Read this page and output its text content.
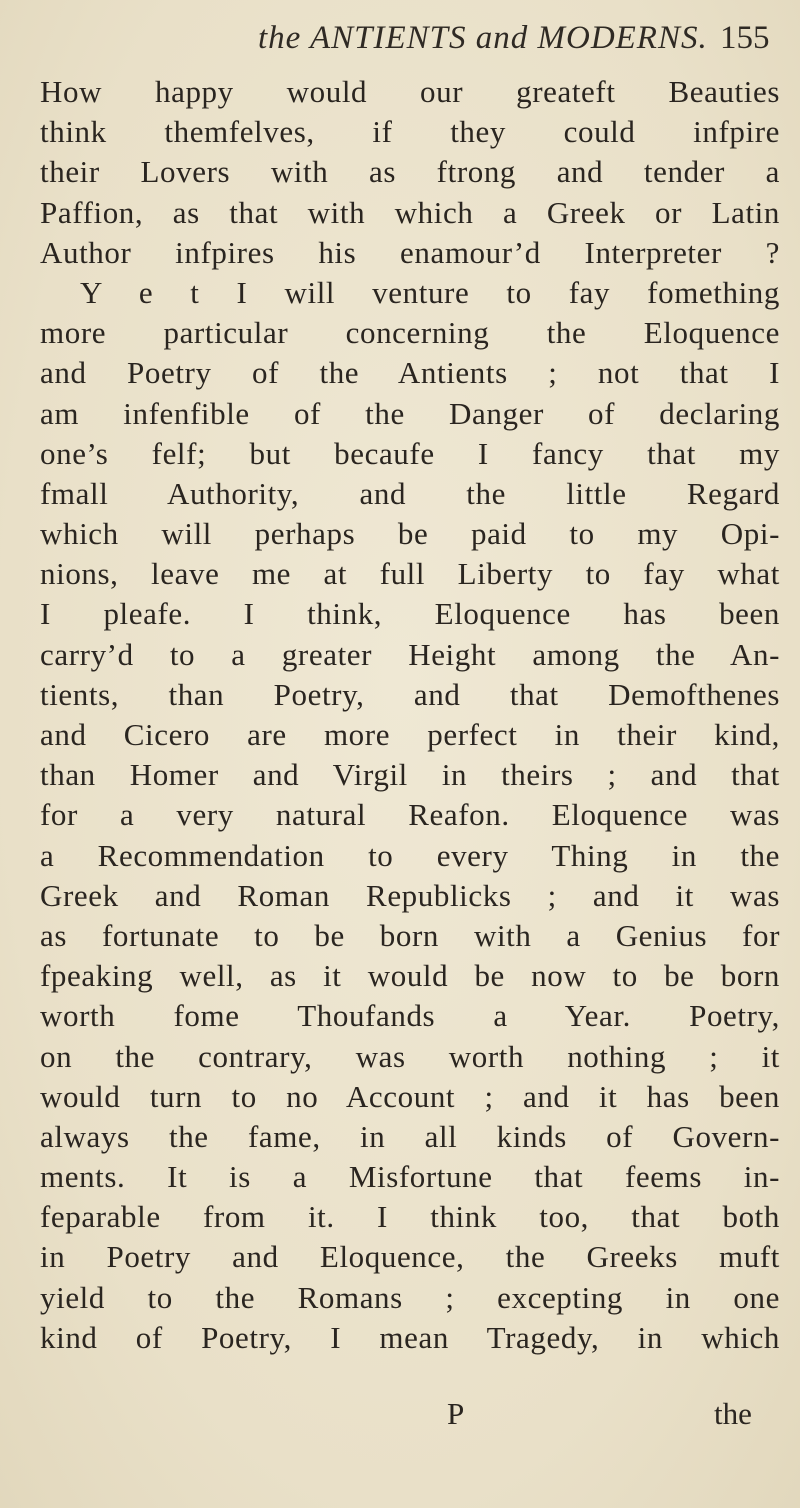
the ANTIENTS and MODERNS. 155
How happy would our greateft Beauties
think themfelves, if they could infpire
their Lovers with as ftrong and tender a
Paffion, as that with which a Greek or Latin
Author infpires his enamour’d Interpreter ?
Y e t I will venture to fay fomething
more particular concerning the Eloquence
and Poetry of the Antients ; not that I
am infenfible of the Danger of declaring
one’s felf; but becaufe I fancy that my
fmall Authority, and the little Regard
which will perhaps be paid to my Opi-
nions, leave me at full Liberty to fay what
I pleafe. I think, Eloquence has been
carry’d to a greater Height among the An-
tients, than Poetry, and that Demofthenes
and Cicero are more perfect in their kind,
than Homer and Virgil in theirs ; and that
for a very natural Reafon. Eloquence was
a Recommendation to every Thing in the
Greek and Roman Republicks ; and it was
as fortunate to be born with a Genius for
fpeaking well, as it would be now to be born
worth fome Thoufands a Year. Poetry,
on the contrary, was worth nothing ; it
would turn to no Account ; and it has been
always the fame, in all kinds of Govern-
ments. It is a Misfortune that feems in-
feparable from it. I think too, that both
in Poetry and Eloquence, the Greeks muft
yield to the Romans ; excepting in one
kind of Poetry, I mean Tragedy, in which
P	the
